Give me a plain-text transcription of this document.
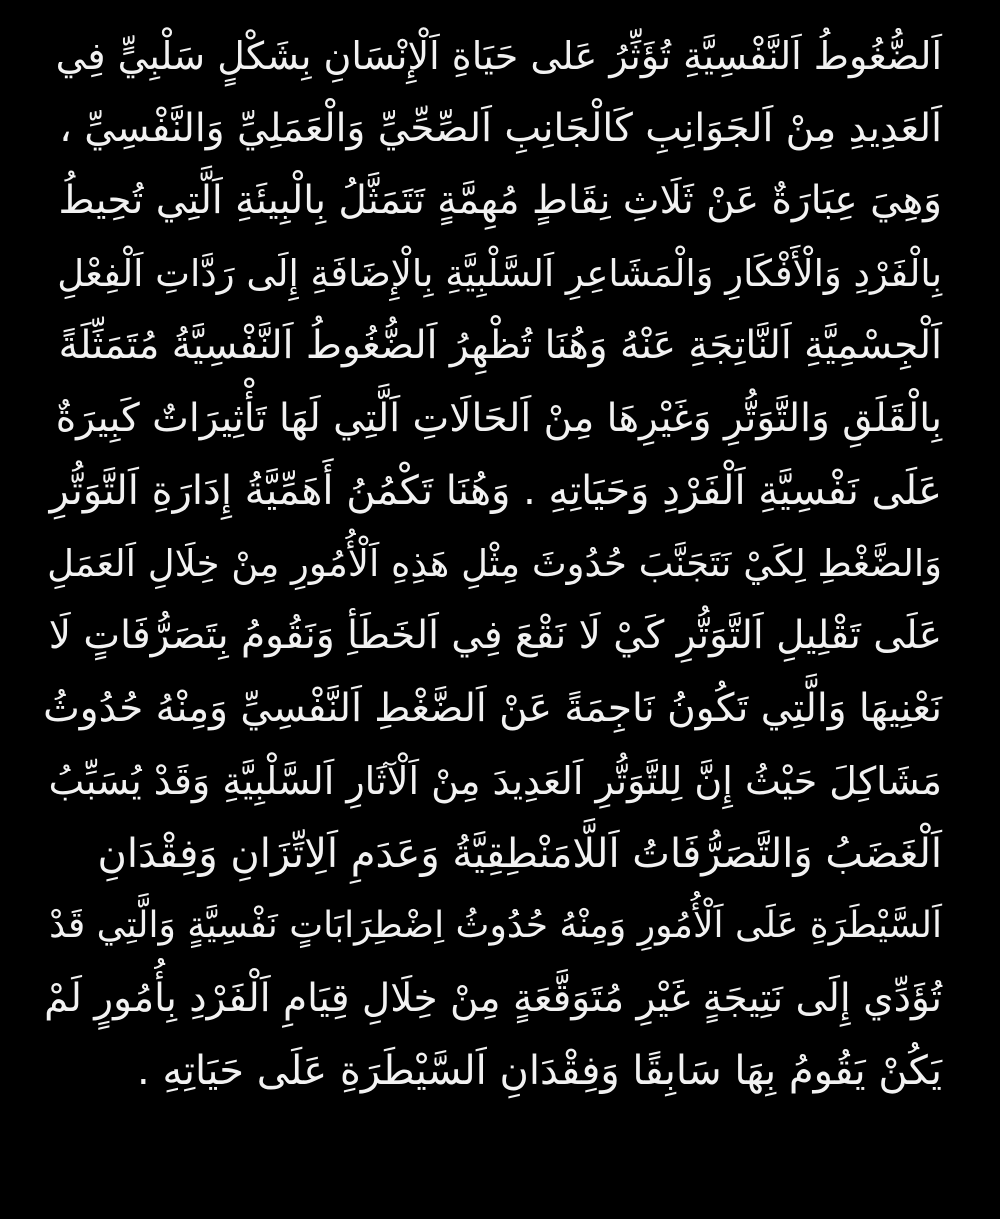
اَلضُّغُوطُ اَلنَّفْسِيَّةِ تُؤَثِّرُ عَلى حَيَاةِ اَلْإِنْسَانِ بِشَكْلٍ سَلْبِيٍّ فِي
اَلعَدِيدِ مِنْ اَلجَوَانِبِ كَالْجَانِبِ اَلصِّحِّيِّ وَالْعَمَلِيِّ وَالنَّفْسِيِّ ،
وَهِيَ عِبَارَةٌ عَنْ ثَلَاثِ نِقَاطٍ مُهِمَّةٍ تَتَمَثَّلُ بِالْبِيئَةِ اَلَّتِي تُحِيطُ
بِالْفَرْدِ وَالْأَفْكَارِ وَالْمَشَاعِرِ اَلسَّلْبِيَّةِ بِالْإِضَافَةِ إِلَى رَدَّاتِ اَلْفِعْلِ
اَلْجِسْمِيَّةِ اَلنَّاتِجَةِ عَنْهُ وَهُنَا تُظْهِرُ اَلضُّغُوطُ اَلنَّفْسِيَّةُ مُتَمَثِّلَةً
بِالْقَلَقِ وَالتَّوَتُّرِ وَغَيْرِهَا مِنْ اَلحَالَاتِ اَلَّتِي لَهَا تَأْثِيرَاتٌ كَبِيرَةٌ
عَلَى نَفْسِيَّةِ اَلْفَرْدِ وَحَيَاتِهِ . وَهُنَا تَكْمُنُ أَهَمِّيَّةُ إِدَارَةِ اَلتَّوَتُّرِ
وَالضَّغْطِ لِكَيْ نَتَجَنَّبَ حُدُوثَ مِثْلِ هَذِهِ اَلْأُمُورِ مِنْ خِلَالِ اَلعَمَلِ
عَلَى تَقْلِيلِ اَلتَّوَتُّرِ كَيْ لَا نَقْعَ فِي اَلخَطَأِ وَنَقُومُ بِتَصَرُّفَاتٍ لَا
نَعْنِيهَا وَالَّتِي تَكُونُ نَاجِمَةً عَنْ اَلضَّغْطِ اَلنَّفْسِيِّ وَمِنْهُ حُدُوثُ
مَشَاكِلَ حَيْثُ إِنَّ لِلتَّوَتُّرِ اَلعَدِيدَ مِنْ اَلْآثَارِ اَلسَّلْبِيَّةِ وَقَدْ يُسَبِّبُ
اَلْغَضَبُ وَالتَّصَرُّفَاتُ اَللَّامَنْطِقِيَّةُ وَعَدَمِ اَلِاتِّزَانِ وَفِقْدَانِ
اَلسَّيْطَرَةِ عَلَى اَلْأُمُورِ وَمِنْهُ حُدُوثُ اِضْطِرَابَاتٍ نَفْسِيَّةٍ وَالَّتِي قَدْ
تُؤَدِّي إِلَى نَتِيجَةٍ غَيْرِ مُتَوَقَّعَةٍ مِنْ خِلَالِ قِيَامِ اَلْفَرْدِ بِأُمُورٍ لَمْ
يَكُنْ يَقُومُ بِهَا سَابِقًا وَفِقْدَانِ اَلسَّيْطَرَةِ عَلَى حَيَاتِهِ .
